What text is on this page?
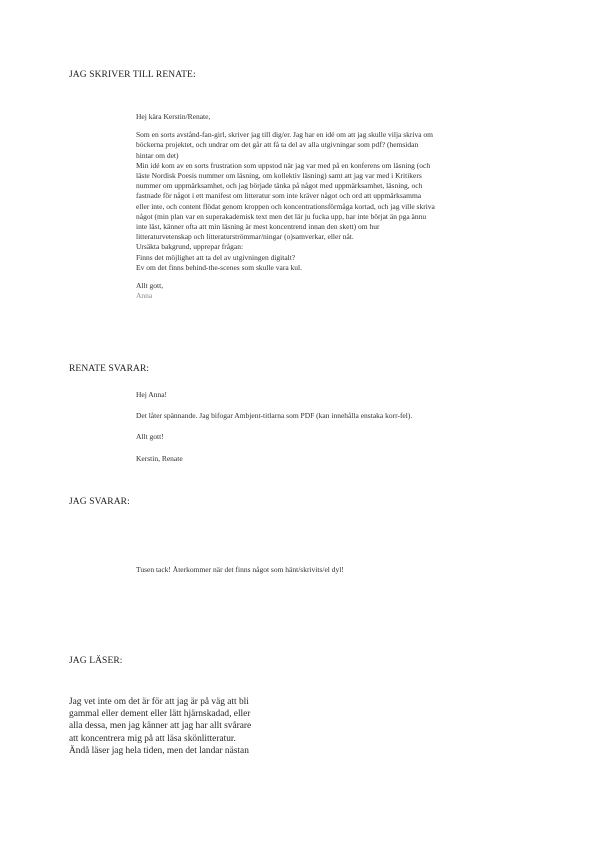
JAG SKRIVER TILL RENATE:

Hej kära Kerstin/Renate,

Som en sorts avstånd-fan-girl, skriver jag till dig/er. Jag har en idé om att jag skulle vilja skriva om

böckerna projektet, och undrar om det går att få ta del av alla utgivningar som pdf? (hemsidan

hintar om det)

Min idé kom av en sorts frustration som uppstod när jag var med på en konferens om läsning (och

läste Nordisk Poesis nummer om läsning, om kollektiv läsning) samt att jag var med i Kritikers

nummer om uppmärksamhet, och jag började tänka på något med uppmärksamhet, läsning, och

fastnade för något i ett manifest om litteratur som inte kräver något och ord att uppmärksamma

eller inte, och content flödat genom kroppen och koncentrationsförmåga kortad, och jag ville skriva

något (min plan var en superakademisk text men det lär ju fucka upp, har inte börjat än pga ännu

inte läst, känner ofta att min läsning är mest koncentrend innan den skett) om hur

litteraturvetenskap och litteraturströmmar/ningar (o)samverkar, eller nåt.

Ursäkta bakgrund, upprepar frågan:

Finns det möjlighet att ta del av utgivningen digitalt?

Ev om det finns behind-the-scenes som skulle vara kul.

Allt gott,

Anna

RENATE SVARAR:

Hej Anna!

Det låter spännande. Jag bifogar Ambjent-titlarna som PDF (kan innehålla enstaka korr-fel).

Allt gott!

Kerstin, Renate

JAG SVARAR:

Tusen tack! Återkommer när det finns något som hänt/skrivits/el dyl!

JAG LÄSER:

Jag vet inte om det är för att jag är på väg att bli

gammal eller dement eller lätt hjärnskadad, eller

alla dessa, men jag känner att jag har allt svårare

att koncentrera mig på att läsa skönlitteratur.

Ändå läser jag hela tiden, men det landar nästan
